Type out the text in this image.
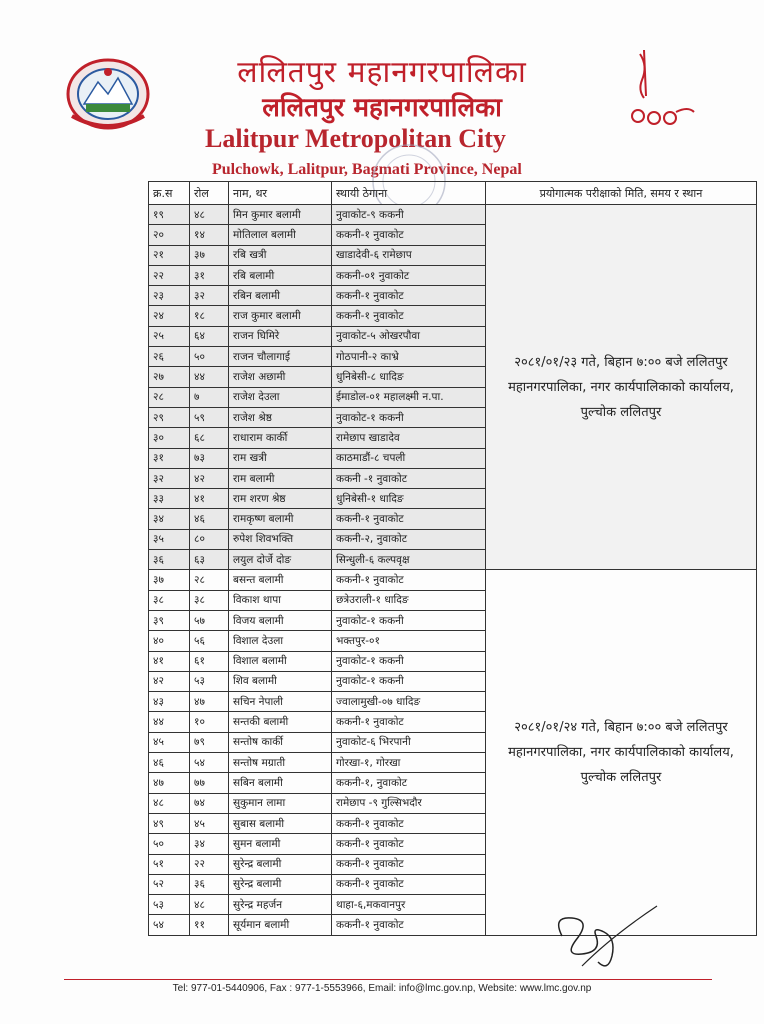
ललितपुर महानगरपालिका
ललितपुर महानगरपालिका
Lalitpur Metropolitan City
Pulchowk, Lalitpur, Bagmati Province, Nepal
क्र.स	रोल	नाम, थर	स्थायी ठेगाना	प्रयोगात्मक परीक्षाको मिति, समय र स्थान
१९	४८	मिन कुमार बलामी	नुवाकोट-९ ककनी	२०८१/०१/२३ गते, बिहान ७:०० बजे ललितपुर महानगरपालिका, नगर कार्यपालिकाको कार्यालय, पुल्चोक ललितपुर
२०	१४	मोतिलाल बलामी	ककनी-१ नुवाकोट	
२१	३७	रबि खत्री	खाडादेवी-६ रामेछाप	
२२	३१	रबि बलामी	ककनी-०१ नुवाकोट	
२३	३२	रबिन बलामी	ककनी-१ नुवाकोट	
२४	१८	राज कुमार बलामी	ककनी-१ नुवाकोट	
२५	६४	राजन घिमिरे	नुवाकोट-५ ओखरपौवा	
२६	५०	राजन चौलागाई	गोठपानी-२ काभ्रे	
२७	४४	राजेश अछामी	धुनिबेसी-८ धादिङ	
२८	७	राजेश देउला	ईमाडोल-०१ महालक्ष्मी न.पा.	
२९	५९	राजेश श्रेष्ठ	नुवाकोट-१ ककनी	
३०	६८	राधाराम कार्की	रामेछाप खाडादेव	
३१	७३	राम खत्री	काठमाडौं-८ चपली	
३२	४२	राम बलामी	ककनी -१ नुवाकोट	
३३	४१	राम शरण श्रेष्ठ	धुनिबेसी-१ धादिङ	
३४	४६	रामकृष्ण बलामी	ककनी-१ नुवाकोट	
३५	८०	रुपेश शिवभक्ति	ककनी-२, नुवाकोट	
३६	६३	लयुल दोर्जे दोङ	सिन्धुली-६ कल्पवृक्ष	
३७	२८	बसन्त बलामी	ककनी-१ नुवाकोट	२०८१/०१/२४ गते, बिहान ७:०० बजे ललितपुर महानगरपालिका, नगर कार्यपालिकाको कार्यालय, पुल्चोक ललितपुर
३८	३८	विकाश थापा	छत्रेउराली-१ धादिङ	
३९	५७	विजय बलामी	नुवाकोट-१ ककनी	
४०	५६	विशाल देउला	भक्तपुर-०१	
४१	६१	विशाल बलामी	नुवाकोट-१ ककनी	
४२	५३	शिव बलामी	नुवाकोट-१ ककनी	
४३	४७	सचिन नेपाली	ज्वालामुखी-०७ धादिङ	
४४	१०	सन्तकी बलामी	ककनी-१ नुवाकोट	
४५	७९	सन्तोष कार्की	नुवाकोट-६ भिरपानी	
४६	५४	सन्तोष मग्राती	गोरखा-१, गोरखा	
४७	७७	सबिन बलामी	ककनी-१, नुवाकोट	
४८	७४	सुकुमान लामा	रामेछाप -९ गुल्सिभदौर	
४९	४५	सुबास बलामी	ककनी-१ नुवाकोट	
५०	३४	सुमन बलामी	ककनी-१ नुवाकोट	
५१	२२	सुरेन्द्र बलामी	ककनी-१ नुवाकोट	
५२	३६	सुरेन्द्र बलामी	ककनी-१ नुवाकोट	
५३	४८	सुरेन्द्र महर्जन	थाहा-६,मकवानपुर	
५४	११	सूर्यमान बलामी	ककनी-१ नुवाकोट	
Tel: 977-01-5440906, Fax : 977-1-5553966, Email: info@lmc.gov.np, Website: www.lmc.gov.np
